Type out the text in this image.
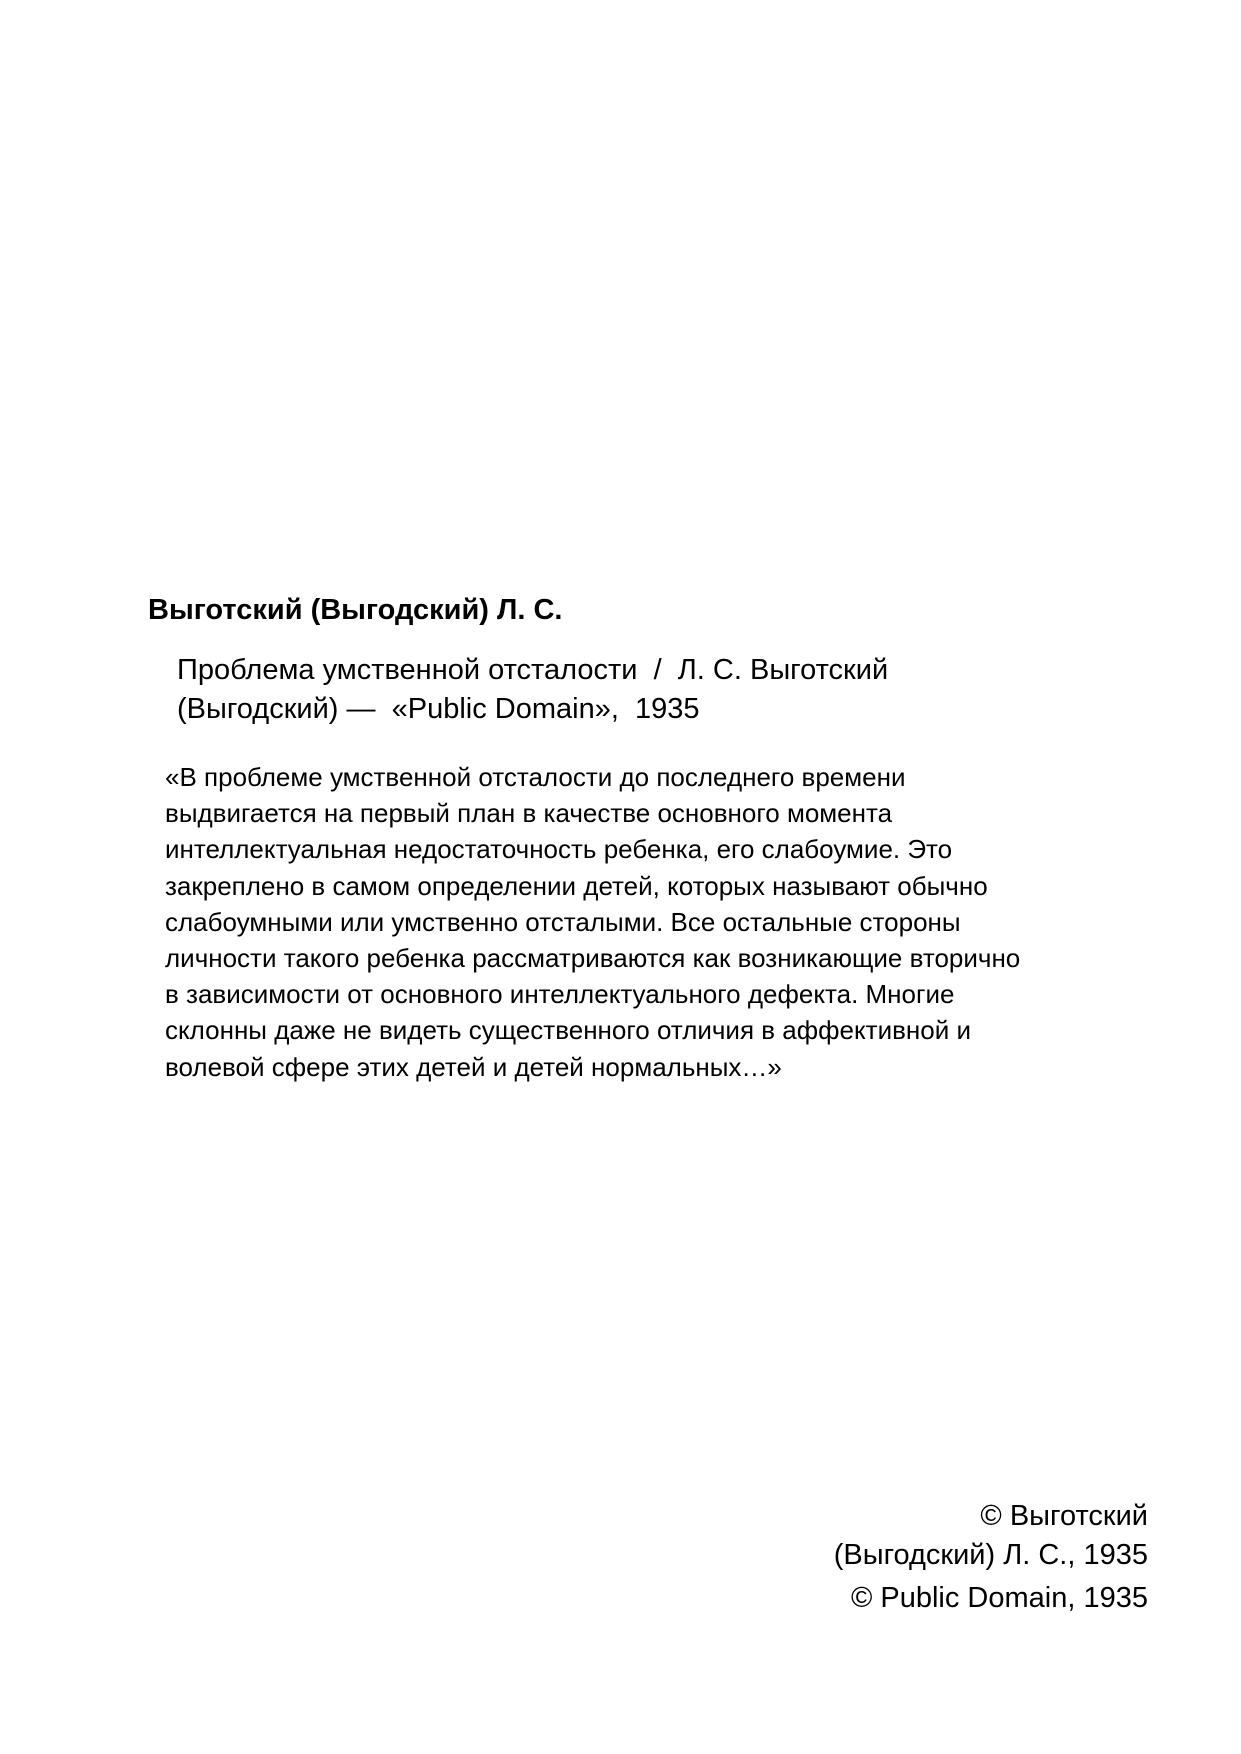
Выготский (Выгодский) Л. С.
Проблема умственной отсталости  /  Л. С. Выготский
(Выгодский) —  «Public Domain»,  1935
«В проблеме умственной отсталости до последнего времени
выдвигается на первый план в качестве основного момента
интеллектуальная недостаточность ребенка, его слабоумие. Это
закреплено в самом определении детей, которых называют обычно
слабоумными или умственно отсталыми. Все остальные стороны
личности такого ребенка рассматриваются как возникающие вторично
в зависимости от основного интеллектуального дефекта. Многие
склонны даже не видеть существенного отличия в аффективной и
волевой сфере этих детей и детей нормальных…»
© Выготский
(Выгодский) Л. С., 1935
© Public Domain, 1935
